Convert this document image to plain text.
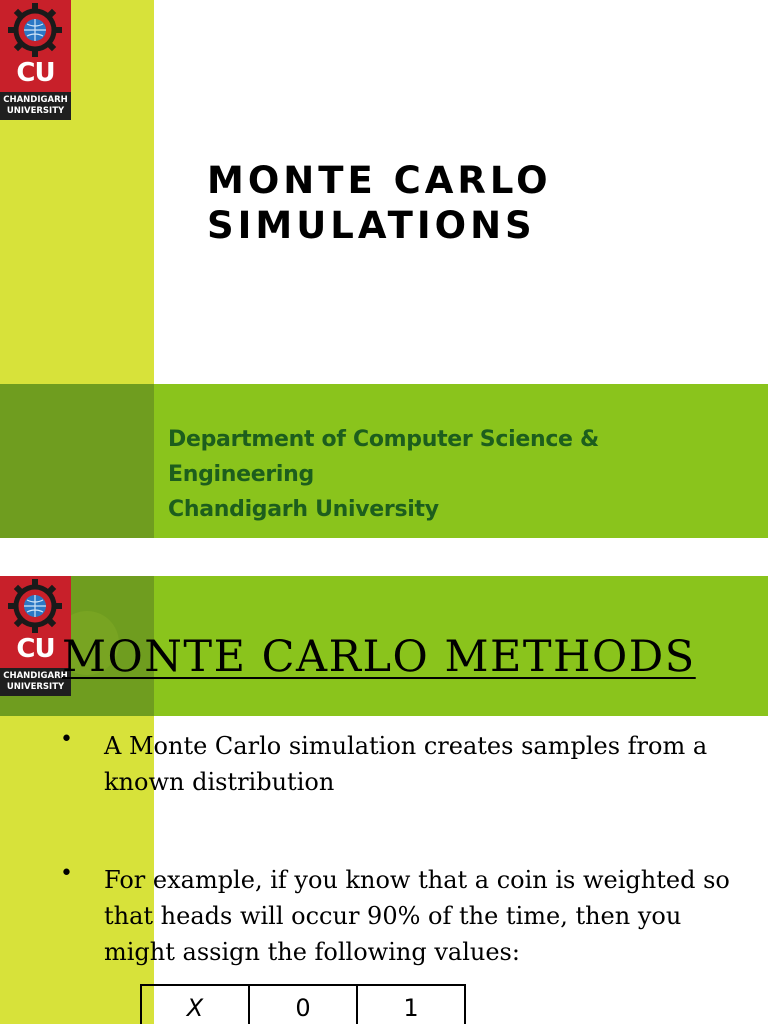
CU
CHANDIGARH
UNIVERSITY
MONTE CARLO
SIMULATIONS
Department of Computer Science &
Engineering
Chandigarh University
CU
CHANDIGARH
UNIVERSITY
MONTE CARLO METHODS
• A Monte Carlo simulation creates samples from a known distribution
• For example, if you know that a coin is weighted so that heads will occur 90% of the time, then you might assign the following values:
X	0	1
